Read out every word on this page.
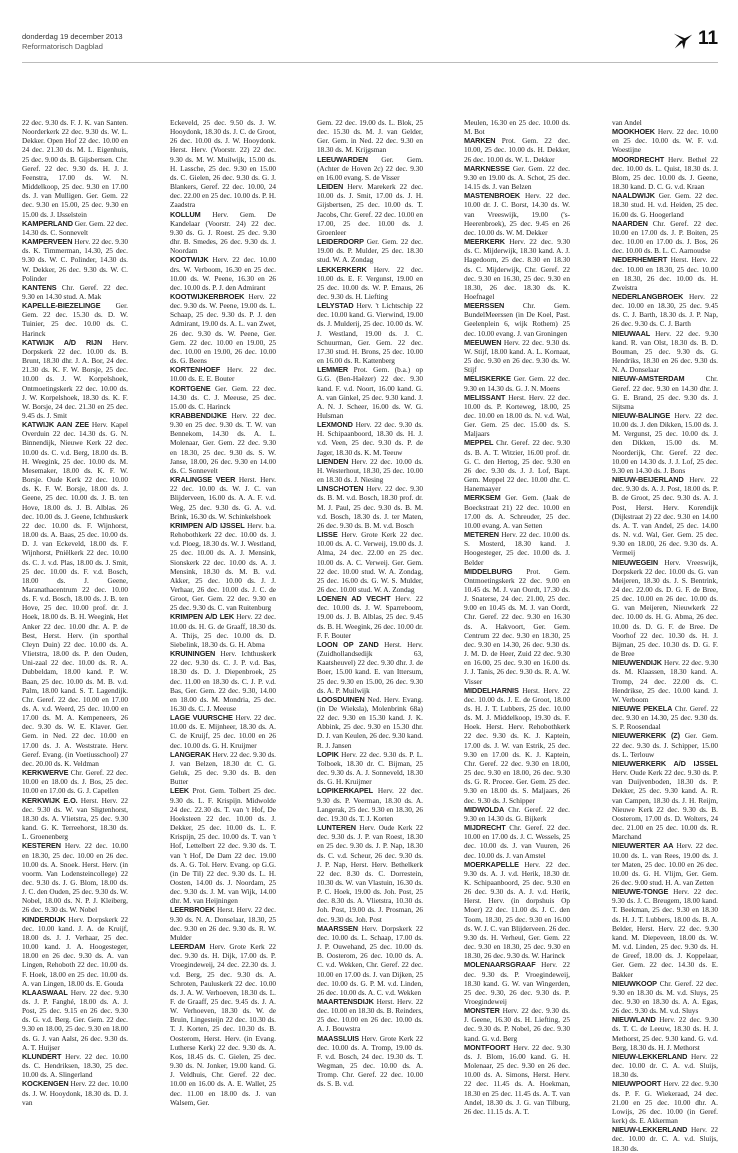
donderdag 19 december 2013
Reformatorisch Dagblad	11

22 dec. 9.30 ds. F. J. K. van Santen. Noorderkerk 22 dec. 9.30 ds. W. L. Dekker. Open Hof 22 dec. 10.00 en 24 dec. 21.30 ds. M. L. Eigenhuis, 25 dec. 9.00 ds. B. Gijsbertsen. Chr. Geref. 22 dec. 9.30 ds. H. J. J. Feenstra, 17.00 ds. W. N. Middelkoop, 25 dec. 9.30 en 17.00 ds. J. van Mulligen. Ger. Gem. 22 dec. 9.30 en 15.00, 25 dec. 9.30 en 15.00 ds. J. IJsselstein

KAMPERLAND Ger. Gem. 22 dec. 14.30 ds. C. Sonnevelt

KAMPERVEEN Herv. 22 dec. 9.30 ds. K. Timmerman, 14.30, 25 dec. 9.30 ds. W. C. Polinder, 14.30 ds. W. Dekker, 26 dec. 9.30 ds. W. C. Polinder

KANTENS Chr. Geref. 22 dec. 9.30 en 14.30 stud. A. Mak

KAPELLE-BIEZELINGE Ger. Gem. 22 dec. 15.30 ds. D. W. Tuinier, 25 dec. 10.00 ds. C. Harinck

KATWIJK A/D RIJN Herv. Dorpskerk 22 dec. 10.00 ds. B. Brunt, 18.30 dhr. J. A. Bor, 24 dec. 21.30 ds. K. F. W. Borsje, 25 dec. 10.00 ds. J. W. Korpelshoek, Ontmoetingskerk 22 dec. 10.00 ds. J. W. Korpelshoek, 18.30 ds. K. F. W. Borsje, 24 dec. 21.30 en 25 dec. 9.45 ds. J. Smit

KATWIJK AAN ZEE Herv. Kapel Overduin 22 dec. 14.30 ds. G. N. Binnendijk, Nieuwe Kerk 22 dec. 10.00 ds. C. v.d. Berg, 18.00 ds. B. H. Weegink, 25 dec. 10.00 ds. M. Mesemaker, 18.00 ds. K. F. W. Borsje. Oude Kerk 22 dec. 10.00 ds. K. F. W. Borsje, 18.00 ds. J. Geene, 25 dec. 10.00 ds. J. B. ten Hove, 18.00 ds. J. B. Alblas. 26 dec. 10.00 ds. J. Geene, Ichthuskerk 22 dec. 10.00 ds. F. Wijnhorst, 18.00 ds. A. Baas, 25 dec. 10.00 ds. D. J. van Eckeveld, 18.00 ds. F. Wijnhorst, Pniëlkerk 22 dec. 10.00 ds. C. J. v.d. Plas, 18.00 ds. J. Smit, 25 dec. 10.00 ds. F. v.d. Bosch, 18.00 ds. J. Geene, Maranathacentrum 22 dec. 10.00 ds. F. v.d. Bosch, 18.00 ds. J. B. ten Hove, 25 dec. 10.00 prof. dr. J. Hoek, 18.00 ds. B. H. Weegink, Het Anker 22 dec. 10.00 dhr. A. P. de Best, Herst. Herv. (in sporthal Cleyn Duin) 22 dec. 10.00 ds. A. Vlietstra, 18.00 ds. P. den Ouden, Uni-zaal 22 dec. 10.00 ds. R. A. Dubbeldam, 18.00 kand. P. W. Baan, 25 dec. 10.00 ds. M. B. v.d. Palm, 18.00 kand. S. T. Lagendijk. Chr. Geref. 22 dec. 10.00 en 17.00 ds. A. v.d. Weerd, 25 dec. 10.00 en 17.00 ds. M. A. Kempeneers, 26 dec. 9.30 ds. W. E. Klaver. Ger. Gem. in Ned. 22 dec. 10.00 en 17.00 ds. J. A. Weststrate. Herv. Geref. Evang. (in Voetiusschool) 27 dec. 20.00 ds. K. Veldman

KERKWERVE Chr. Geref. 22 dec. 10.00 en 18.00 ds. J. Bos, 25 dec. 10.00 en 17.00 ds. G. J. Capellen

KERKWIJK E.O. Herst. Herv. 22 dec. 9.30 ds. W. van Sligtenhorst, 18.30 ds. A. Vlietstra, 25 dec. 9.30 kand. G. K. Terreehorst, 18.30 ds. L. Groenenberg

KESTEREN Herv. 22 dec. 10.00 en 18.30, 25 dec. 10.00 en 26 dec. 10.00 ds. A. Snoek. Herst. Herv. (in voorm. Van Lodensteincollege) 22 dec. 9.30 ds. J. G. Blom, 18.00 ds. J. C. den Ouden, 25 dec. 9.30 ds. W. Nobel, 18.00 ds. N. P. J. Kleiberg, 26 dec. 9.30 ds. W. Nobel

KINDERDIJK Herv. Dorpskerk 22 dec. 10.00 kand. J. A. de Kruijf, 18.00 ds. J. J. Verhaar, 25 dec. 10.00 kand. J. A. Hoogesteger, 18.00 en 26 dec. 9.30 ds. A. van Lingen, Rehoboth 22 dec. 10.00 ds. F. Hoek, 18.00 en 25 dec. 10.00 ds. A. van Lingen, 18.00 ds. E. Gouda

KLAASWAAL Herv. 22 dec. 9.30 ds. J. P. Fanghé, 18.00 ds. A. J. Post, 25 dec. 9.15 en 26 dec. 9.30 ds. G. v.d. Berg. Ger. Gem. 22 dec. 9.30 en 18.00, 25 dec. 9.30 en 18.00 ds. G. J. van Aalst, 26 dec. 9.30 ds. A. T. Huijser

KLUNDERT Herv. 22 dec. 10.00 ds. C. Hendriksen, 18.30, 25 dec. 10.00 ds. A. Slingerland

KOCKENGEN Herv. 22 dec. 10.00 ds. J. W. Hooydonk, 18.30 ds. D. J. van

Eckeveld, 25 dec. 9.50 ds. J. W. Hooydonk, 18.30 ds. J. C. de Groot, 26 dec. 10.00 ds. J. W. Hooydonk. Herst. Herv. (Voorstr. 22) 22 dec. 9.30 ds. M. W. Muilwijk, 15.00 ds. H. Lassche, 25 dec. 9.30 en 15.00 ds. C. Gielen, 26 dec. 9.30 ds. G. J. Blankers, Geref. 22 dec. 10.00, 24 dec. 22.00 en 25 dec. 10.00 ds. P. H. Zaadstra

KOLLUM Herv. Gem. De Kandelaar (Voorstr. 24) 22 dec. 9.30 ds. G. J. Roest. 25 dec. 9.30 dhr. B. Smedes, 26 dec. 9.30 ds. J. Noordam

KOOTWIJK Herv. 22 dec. 10.00 drs. W. Verboom, 16.30 en 25 dec. 10.00 ds. W. Peene, 16.30 en 26 dec. 10.00 ds. P. J. den Admirant

KOOTWIJKERBROEK Herv. 22 dec. 9.30 ds. W. Peene, 19.00 ds. L. Schaap, 25 dec. 9.30 ds. P. J. den Admirant, 19.00 ds. A. L. van Zwet, 26 dec. 9.30 ds. W. Peene, Ger. Gem. 22 dec. 10.00 en 19.00, 25 dec. 10.00 en 19.00, 26 dec. 10.00 ds. G. Beens

KORTENHOEF Herv. 22 dec. 10.00 ds. E. E. Bouter

KORTGENE Ger. Gem. 22 dec. 14.30 ds. C. J. Meeuse, 25 dec. 15.00 ds. C. Harinck

KRABBENDIJKE Herv. 22 dec. 9.30 en 25 dec. 9.30 ds. T. W. van Bennekom, 14.30 ds. A. L. Molenaar, Ger. Gem. 22 dec. 9.30 en 18.30, 25 dec. 9.30 ds. S. W. Janse, 18.00, 26 dec. 9.30 en 14.00 ds. C. Sonnevelt

KRALINGSE VEER Herst. Herv. 22 dec. 10.00 ds. W. J. C. van Blijderveen, 16.00 ds. A. A. F. v.d. Weg, 25 dec. 9.30 ds. G. A. v.d. Brink, 16.30 ds. W. Schinkelshoek

KRIMPEN A/D IJSSEL Herv. b.a. Rehobothkerk 22 dec. 10.00 ds. J. v.d. Ploeg, 18.30 ds. W. J. Westland, 25 dec. 10.00 ds. A. J. Mensink, Sionskerk 22 dec. 10.00 ds. A. J. Mensink, 18.30 ds. M. B. v.d. Akker, 25 dec. 10.00 ds. J. J. Verhaar, 26 dec. 10.00 ds. J. C. de Groot, Ger. Gem. 22 dec. 9.30 en 25 dec. 9.30 ds. C. van Ruitenburg

KRIMPEN A/D LEK Herv. 22 dec. 10.00 ds. H. G. de Graaff, 18.30 ds. A. Thijs, 25 dec. 10.00 ds. D. Siebelink, 18.30 ds. G. H. Abma

KRUININGEN Herv. Ichthuskerk 22 dec. 9.30 ds. C. J. P. v.d. Bas, 18.30 ds. D. J. Diepenbroek, 25 dec. 11.00 en 18.30 ds. C. J. P. v.d. Bas, Ger. Gem. 22 dec. 9.30, 14.00 en 18.00 ds. M. Mondria, 25 dec. 16.30 ds. C. J. Meeuse

LAGE VUURSCHE Herv. 22 dec. 10.00 ds. E. Mijnheer, 18.30 ds. A. C. de Kruijf, 25 dec. 10.00 en 26 dec. 10.00 ds. G. H. Kruijmer

LANGERAK Herv. 22 dec. 9.30 ds. J. van Belzen, 18.30 dr. C. G. Geluk, 25 dec. 9.30 ds. B. den Butter

LEEK Prot. Gem. Tolbert 25 dec. 9.30 ds. L. F. Krispijn. Midwolde 24 dec. 22.30 ds. T. van 't Hof, De Hoeksteen 22 dec. 10.00 ds. J. Dekker, 25 dec. 10.00 ds. L. F. Krispijn, 25 dec. 10.00 ds. T. van 't Hof, Lettelbert 22 dec. 9.30 ds. T. van 't Hof, De Dam 22 dec. 19.00 ds. A. G. Tol. Herv. Evang. op G.G. (in De Til) 22 dec. 9.30 ds. L. H. Oosten, 14.00 ds. J. Noordam, 25 dec. 9.30 ds. J. M. van Wijk, 14.00 dhr. M. van Heijningen

LEERBROEK Herst. Herv. 22 dec. 9.30 ds. N. A. Donselaar, 18.30, 25 dec. 9.30 en 26 dec. 9.30 ds. R. W. Mulder

LEERDAM Herv. Grote Kerk 22 dec. 9.30 ds. H. Dijk, 17.00 ds. P. Vroegindeweij, 24 dec. 22.30 ds. J. v.d. Berg, 25 dec. 9.30 ds. A. Schroten, Pauluskerk 22 dec. 10.00 ds. J. A. W. Verhoeven, 18.30 ds. L. F. de Graaff, 25 dec. 9.45 ds. J. A. W. Verhoeven, 18.30 ds. W. de Bruin, Lingesteijn 22 dec. 10.30 ds. T. J. Korten, 25 dec. 10.30 ds. B. Oosterom, Herst. Herv. (in Evang. Lutherse Kerk) 22 dec. 9.30 ds. A. Kos, 18.45 ds. C. Gielen, 25 dec. 9.30 ds. N. Jonker, 19.00 kand. G. J. Veldhuis, Chr. Geref. 22 dec. 10.00 en 16.00 ds. A. E. Wallet, 25 dec. 11.00 en 18.00 ds. J. van Walsem, Ger.

Gem. 22 dec. 19.00 ds. L. Blok, 25 dec. 15.30 ds. M. J. van Gelder, Ger. Gem. in Ned. 22 dec. 9.30 en 18.30 ds. M. Krijgsman

LEEUWARDEN Ger. Gem. (Achter de Hoven 2c) 22 dec. 9.30 en 16.00 evang. S. de Visser

LEIDEN Herv. Marekerk 22 dec. 10.00 ds. J. Smit, 17.00 ds. J. H. Gijsbertsen, 25 dec. 10.00 ds. T. Jacobs, Chr. Geref. 22 dec. 10.00 en 17.00, 25 dec. 10.00 ds. J. Groenleer

LEIDERDORP Ger. Gem. 22 dec. 19.00 ds. P. Mulder, 25 dec. 18.30 stud. W. A. Zondag

LEKKERKERK Herv. 22 dec. 10.00 ds. E. F. Vergunst, 19.00 en 25 dec. 10.00 ds. W. P. Emaus, 26 dec. 9.30 ds. H. Liefting

LELYSTAD Herv. 't Lichtschip 22 dec. 10.00 kand. G. Vierwind, 19.00 ds. J. Mulderij, 25 dec. 10.00 ds. W. J. Westland, 19.00 ds. J. C. Schuurman, Ger. Gem. 22 dec. 17.30 stud. H. Brons, 25 dec. 10.00 en 16.00 ds. R. Kattenberg

LEMMER Prot. Gem. (b.a.) op G.G. (Ben-Haëzer) 22 dec. 9.30 kand. F. v.d. Noort, 16.00 kand. G. A. van Ginkel, 25 dec. 9.30 kand. J. A. N. J. Scheer, 16.00 ds. W. G. Hulsman

LEXMOND Herv. 22 dec. 9.30 ds. H. Schipaanboord, 18.30 ds. H. J. v.d. Veen, 25 dec. 9.30 ds. P. de Jager, 18.30 ds. K. M. Teeuw

LIENDEN Herv. 22 dec. 10.00 ds. H. Westerhout, 18.30, 25 dec. 10.00 en 18.30 ds. J. Niesing

LINSCHOTEN Herv. 22 dec. 9.30 ds. B. M. v.d. Bosch, 18.30 prof. dr. M. J. Paul, 25 dec. 9.30 ds. B. M. v.d. Bosch, 18.30 ds. J. ter Maten, 26 dec. 9.30 ds. B. M. v.d. Bosch

LISSE Herv. Grote Kerk 22 dec. 10.00 ds. A. C. Verweij, 19.00 ds. J. Alma, 24 dec. 22.00 en 25 dec. 10.00 ds. A. C. Verweij. Ger. Gem. 22 dec. 10.00 stud. W. A. Zondag, 25 dec. 16.00 ds. G. W. S. Mulder, 26 dec. 10.00 stud. W. A. Zondag

LOENEN AD VECHT Herv. 22 dec. 10.00 ds. J. W. Sparreboom, 19.00 ds. J. B. Alblas, 25 dec. 9.45 ds. B. H. Weegink, 26 dec. 10.00 dr. F. F. Bouter

LOON OP ZAND Herst. Herv. (Zuidhollandsedijk 63, Kaatsheuvel) 22 dec. 9.30 dhr. J. de Boer, 15.00 kand. E. van Ittersum, 25 dec. 9.30 en 15.00, 26 dec. 9.30 ds. A. P. Muilwijk

LOOSDUINEN Ned. Herv. Evang. (in De Wieksla), Molenbrink 68a) 22 dec. 9.30 en 15.30 kand. J. K. Abbink, 25 dec. 9.30 en 15.30 dhr. D. J. van Keulen, 26 dec. 9.30 kand. R. J. Jansen

LOPIK Herv. 22 dec. 9.30 ds. P. L. Tolboek, 18.30 dr. C. Bijman, 25 dec. 9.30 ds. A. J. Sonneveld, 18.30 ds. G. H. Kruijmer

LOPIKERKAPEL Herv. 22 dec. 9.30 ds. P. Veerman, 18.30 ds. A. Langerak, 25 dec. 9.30 en 18.30, 26 dec. 19.30 ds. T. J. Korten

LUNTEREN Herv. Oude Kerk 22 dec. 9.30 ds. J. P. van Roest, 18.30 en 25 dec. 9.30 ds. J. P. Nap, 18.30 ds. C. v.d. Scheur, 26 dec. 9.30 ds. J. P. Nap, Herst. Herv. Bethelkerk 22 dec. 8.30 ds. C. Dorrestein, 10.30 ds. W. van Vlastuin, 16.30 ds. P. C. Hoek, 19.00 ds. Joh. Post, 25 dec. 8.30 ds. A. Vlietstra, 10.30 ds. Joh. Post, 19.00 ds. J. Prosman, 26 dec. 9.30 ds. Joh. Post

MAARSSEN Herv. Dorpskerk 22 dec. 10.00 ds. L. Schaap, 17.00 ds. J. P. Ouwehand, 25 dec. 10.00 ds. B. Oosterom, 26 dec. 10.00 ds. A. C. v.d. Wekken, Chr. Geref. 22 dec. 10.00 en 17.00 ds. J. van Dijken, 25 dec. 10.00 ds. G. P. M. v.d. Linden, 26 dec. 10.00 ds. A. C. v.d. Wekken

MAARTENSDIJK Herst. Herv. 22 dec. 10.00 en 18.30 ds. B. Reinders, 25 dec. 10.00 en 26 dec. 10.00 ds. A. J. Bouwstra

MAASSLUIS Herv. Grote Kerk 22 dec. 10.00 ds. A. Tromp, 19.00 ds. F. v.d. Bosch, 24 dec. 19.30 ds. T. Wegman, 25 dec. 10.00 ds. A. Tromp. Chr. Geref. 22 dec. 10.00 ds. S. B. v.d.

Meulen, 16.30 en 25 dec. 10.00 ds. M. Bot

MARKEN Prot. Gem. 22 dec. 10.00, 25 dec. 10.00 ds. H. Dekker, 26 dec. 10.00 ds. W. L. Dekker

MARKNESSE Ger. Gem. 22 dec. 9.30 en 19.00 ds. A. Schot, 25 dec. 14.15 ds. J. van Belzen

MASTENBROEK Herv. 22 dec. 10.00 dr. J. C. Borst, 14.30 ds. W. van Vreeswijk, 19.00 ('s-Heerenbroek), 25 dec. 9.45 en 26 dec. 10.00 ds. W. M. Dekker

MEERKERK Herv. 22 dec. 9.30 ds. C. Mijderwijk, 18.30 kand. A. J. Hagedoorn, 25 dec. 8.30 en 18.30 ds. C. Mijderwijk, Chr. Geref. 22 dec. 9.30 en 16.30, 25 dec. 9.30 en 18.30, 26 dec. 18.30 ds. K. Hoefnagel

MEERSSEN	Chr. Gem. BundelMeerssen (in De Koel, Past. Geelenplein 6, wijk Rothem) 25 dec. 10.00 evang. J. van Groningen

MEEUWEN Herv. 22 dec. 9.30 ds. W. Stijf, 18.00 kand. A. L. Kornaat, 25 dec. 9.30 en 26 dec. 9.30 ds. W. Stijf

MELISKERKE Ger. Gem. 22 dec. 9.30 en 14.30 ds. G. J. N. Moens

MELISSANT Herst. Herv. 22 dec. 10.00 ds. P. Korteweg, 18.00, 25 dec. 10.00 en 18.00 ds. N. v.d. Wal, Ger. Gem. 25 dec. 15.00 ds. S. Maljaars

MEPPEL Chr. Geref. 22 dec. 9.30 ds. B. A. T. Witzier, 16.00 prof. dr. G. C. den Hertog, 25 dec. 9.30 en 26 dec. 9.30 ds. J. J. Lof, Bapt. Gem. Meppel 22 dec. 10.00 dhr. C. Hanemaayer

MERKSEM Ger. Gem. (Jaak de Boeckstraat 21) 22 dec. 10.00 en 17.00 ds. A. Schreuder, 25 dec. 10.00 evang. A. van Setten

METEREN Herv. 22 dec. 10.00 ds. S. Mosterd, 18.30 kand. J. Hoogesteger, 25 dec. 10.00 ds. J. Belder

MIDDELBURG Prot. Gem. Ontmoetingskerk 22 dec. 9.00 en 10.45 ds. M. J. van Oordt, 17.30 ds. J. Snaterse, 24 dec. 21.00, 25 dec. 9.00 en 10.45 ds. M. J. van Oordt, Chr. Geref. 22 dec. 9.30 en 16.30 ds. A. Hakvoort, Ger. Gem. Centrum 22 dec. 9.30 en 18.30, 25 dec. 9.30 en 14.30, 26 dec. 9.30 ds. J. M. D. de Heer, Zuid 22 dec. 9.30 en 16.00, 25 dec. 9.30 en 16.00 ds. J. J. Tanis, 26 dec. 9.30 ds. R. A. W. Visser

MIDDELHARNIS Herst. Herv. 22 dec. 10.00 ds. J. E. de Groot, 18.00 ds. H. J. T. Lubbers, 25 dec. 10.00 ds. M. J. Middelkoop, 19.30 ds. F. Hoek. Herst. Herv. Rehobothkerk 22 dec. 9.30 ds. K. J. Kaptein, 17.00 ds. J. W. van Estrik, 25 dec. 9.30 en 17.00 ds. K. J. Kaptein, Chr. Geref. 22 dec. 9.30 en 18.00, 25 dec. 9.30 en 18.00, 26 dec. 9.30 ds. G. R. Procee. Ger. Gem. 25 dec. 9.30 en 18.00 ds. S. Maljaars, 26 dec. 9.30 ds. J. Schipper

MIDWOLDA Chr. Geref. 22 dec. 9.30 en 14.30 ds. G. Bijkerk

MIJDRECHT Chr. Geref. 22 dec. 10.00 en 17.00 ds. J. C. Wessels, 25 dec. 10.00 ds. J. van Vuuren, 26 dec. 10.00 ds. J. van Amstel

MOERKAPELLE Herv. 22 dec. 9.30 ds. A. J. v.d. Herik, 18.30 dr. K. Schipaanboord, 25 dec. 9.30 en 26 dec. 9.30 ds. A. J. v.d. Herik, Herst. Herv. (in dorpshuis Op Moer) 22 dec. 11.00 ds. J. C. den Toom, 18.30, 25 dec. 9.30 en 16.00 ds. W. J. C. van Blijderveen. 26 dec. 9.30 ds. H. Verheul, Ger. Gem. 22 dec. 9.30 en 18.30, 25 dec. 9.30 en 18.30, 26 dec. 9.30 ds. W. Harinck

MOLENAARSGRAAF Herv. 22 dec. 9.30 ds. P. Vroegindeweij, 18.30 kand. G. W. van Wingerden, 25 dec. 9.30, 26 dec. 9.30 ds. P. Vroegindeweij

MONSTER Herv. 22 dec. 9.30 ds. J. Geene, 16.30 ds. H. Liefting, 25 dec. 9.30 ds. P. Nobel, 26 dec. 9.30 kand. G. v.d. Berg

MONTFOORT Herv. 22 dec. 9.30 ds. J. Blom, 16.00 kand. G. H. Molenaar, 25 dec. 9.30 en 26 dec. 10.00 ds. A. Simons, Herst. Herv. 22 dec. 11.45 ds. A. Hoekman, 18.30 en 25 dec. 11.45 ds. A. T. van Andel, 18.30 ds. J. G. van Tilburg, 26 dec. 11.15 ds. A. T.

van Andel

MOOKHOEK Herv. 22 dec. 10.00 en 25 dec. 10.00 ds. W. F. v.d. Woestijne

MOORDRECHT Herv. Bethel 22 dec. 10.00 ds. L. Quist, 18.30 ds. J. Blom, 25 dec. 10.00 ds. J. Geene, 18.30 kand. D. C. G. v.d. Kraan

NAALDWIJK Ger. Gem. 22 dec. 18.30 stud. H. v.d. Heiden, 25 dec. 16.00 ds. G. Hoogerland

NAARDEN Chr. Geref. 22 dec. 10.00 en 17.00 ds. J. P. Boiten, 25 dec. 10.00 en 17.00 ds. J. Bos, 26 dec. 10.00 ds. B. L. C. Aarnoudse

NEDERHEMERT Herst. Herv. 22 dec. 10.00 en 18.30, 25 dec. 10.00 en 18.30, 26 dec. 10.00 ds. H. Zweistra

NEDERLANGBROEK Herv. 22 dec. 10.00 en 18.30, 25 dec. 9.45 ds. C. J. Barth, 18.30 ds. J. P. Nap, 26 dec. 9.30 ds. C. J. Barth

NIEUWAAL Herv. 22 dec. 9.30 kand. R. van Olst, 18.30 ds. B. D. Bouman, 25 dec. 9.30 ds. G. Hendriks, 18.30 en 26 dec. 9.30 ds. N. A. Donselaar

NIEUW-AMSTERDAM	Chr. Geref. 22 dec. 9.30 en 14.30 dhr. J. G. E. Brand, 25 dec. 9.30 ds. J. Sijtsma

NIEUW-BALINGE Herv. 22 dec. 10.00 ds. J. den Dikken, 15.00 ds. J. M. Vergunst, 25 dec. 10.00 ds. J. den Dikken, 15.00 ds. M. Noorderijk, Chr. Geref. 22 dec. 10.00 en 14.30 ds. J. J. Lof, 25 dec. 9.30 en 14.30 ds. J. Bons

NIEUW-BEIJERLAND Herv. 22 dec. 9.30 ds. A. J. Post, 18.00 ds. P. B. de Groot, 25 dec. 9.30 ds. A. J. Post, Herst. Herv. Korendijk (Dijkstraat 2) 22 dec. 9.30 en 14.00 ds. A. T. van Andel, 25 dec. 14.00 ds. N. v.d. Wal, Ger. Gem. 25 dec. 9.30 en 18.00, 26 dec. 9.30 ds. A. Vermeij

NIEUWEGEIN Herv. Vreeswijk, Dorpskerk 22 dec. 10.00 ds. G. van Meijeren, 18.30 ds. J. S. Bentrink, 24 dec. 22.00 ds. D. G. F. de Bree, 25 dec. 10.00 en 26 dec. 10.00 ds. G. van Meijeren, Nieuwkerk 22 dec. 10.00 ds. H. G. Abma, 26 dec. 10.00 ds. D. G. F. de Bree. De Voorhof 22 dec. 10.30 ds. H. J. Bijman, 25 dec. 10.30 ds. D. G. F. de Bree

NIEUWENDIJK Herv. 22 dec. 9.30 ds. M. Klaassen, 18.30 kand. A. Tromp, 24 dec. 22.00 ds. C. Hendrikse, 25 dec. 10.00 kand. J. W. Verboom

NIEUWE PEKELA Chr. Geref. 22 dec. 9.30 en 14.30, 25 dec. 9.30 ds. S. P. Roosendaal

NIEUWERKERK (Z) Ger. Gem. 22 dec. 9.30 ds. J. Schipper, 15.00 ds. L. Terlouw

NIEUWERKERK A/D IJSSEL Herv. Oude Kerk 22 dec. 9.30 ds. P. van Duijvenboden, 18.30 ds. P. Dekker, 25 dec. 9.30 kand. A. R. van Campen, 18.30 ds. J. H. Reijm, Nieuwe Kerk 22 dec. 9.30 ds. B. Oosterom, 17.00 ds. D. Wolters, 24 dec. 21.00 en 25 dec. 10.00 ds. R. Marchand

NIEUWERTER AA Herv. 22 dec. 10.00 ds. L. van Rees, 19.00 ds. J. ter Maten, 25 dec. 10.00 en 26 dec. 10.00 ds. G. H. Vlijm, Ger. Gem. 26 dec. 9.00 stud. H. A. van Zetten

NIEUWE-TONGE Herv. 22 dec. 9.30 ds. J. C. Breugem, 18.00 kand. T. Beekman, 25 dec. 9.30 en 18.30 ds. H. J. T. Lubbers, 18.00 ds. B. A. Belder, Herst. Herv. 22 dec. 9.30 kand. M. Diepeveen, 18.00 ds. W. M. v.d. Linden, 25 dec. 9.30 ds. H. de Greef, 18.00 ds. J. Koppelaar, Ger. Gem. 22 dec. 14.30 ds. E. Bakker

NIEUWKOOP Chr. Geref. 22 dec. 9.30 en 18.30 ds. M. v.d. Sluys, 25 dec. 9.30 en 18.30 ds. A. A. Egas, 26 dec. 9.30 ds. M. v.d. Sluys

NIEUWLAND Herv. 22 dec. 9.30 ds. T. C. de Leeuw, 18.30 ds. H. J. Methorst, 25 dec. 9.30 kand. G. v.d. Berg, 18.30 ds. H. J. Methorst

NIEUW-LEKKERLAND Herv. 22 dec. 10.00 dr. C. A. v.d. Sluijs, 18.30 ds.

NIEUWPOORT Herv. 22 dec. 9.30 ds. P. F. G. Wiekeraad, 24 dec. 21.00 en 25 dec. 10.00 dhr. A. Lowijs, 26 dec. 10.00 (in Geref. kerk) ds. E. Akkerman

NIEUW-LEKKERLAND Herv. 22 dec. 10.00 dr. C. A. v.d. Sluijs, 18.30 ds.
